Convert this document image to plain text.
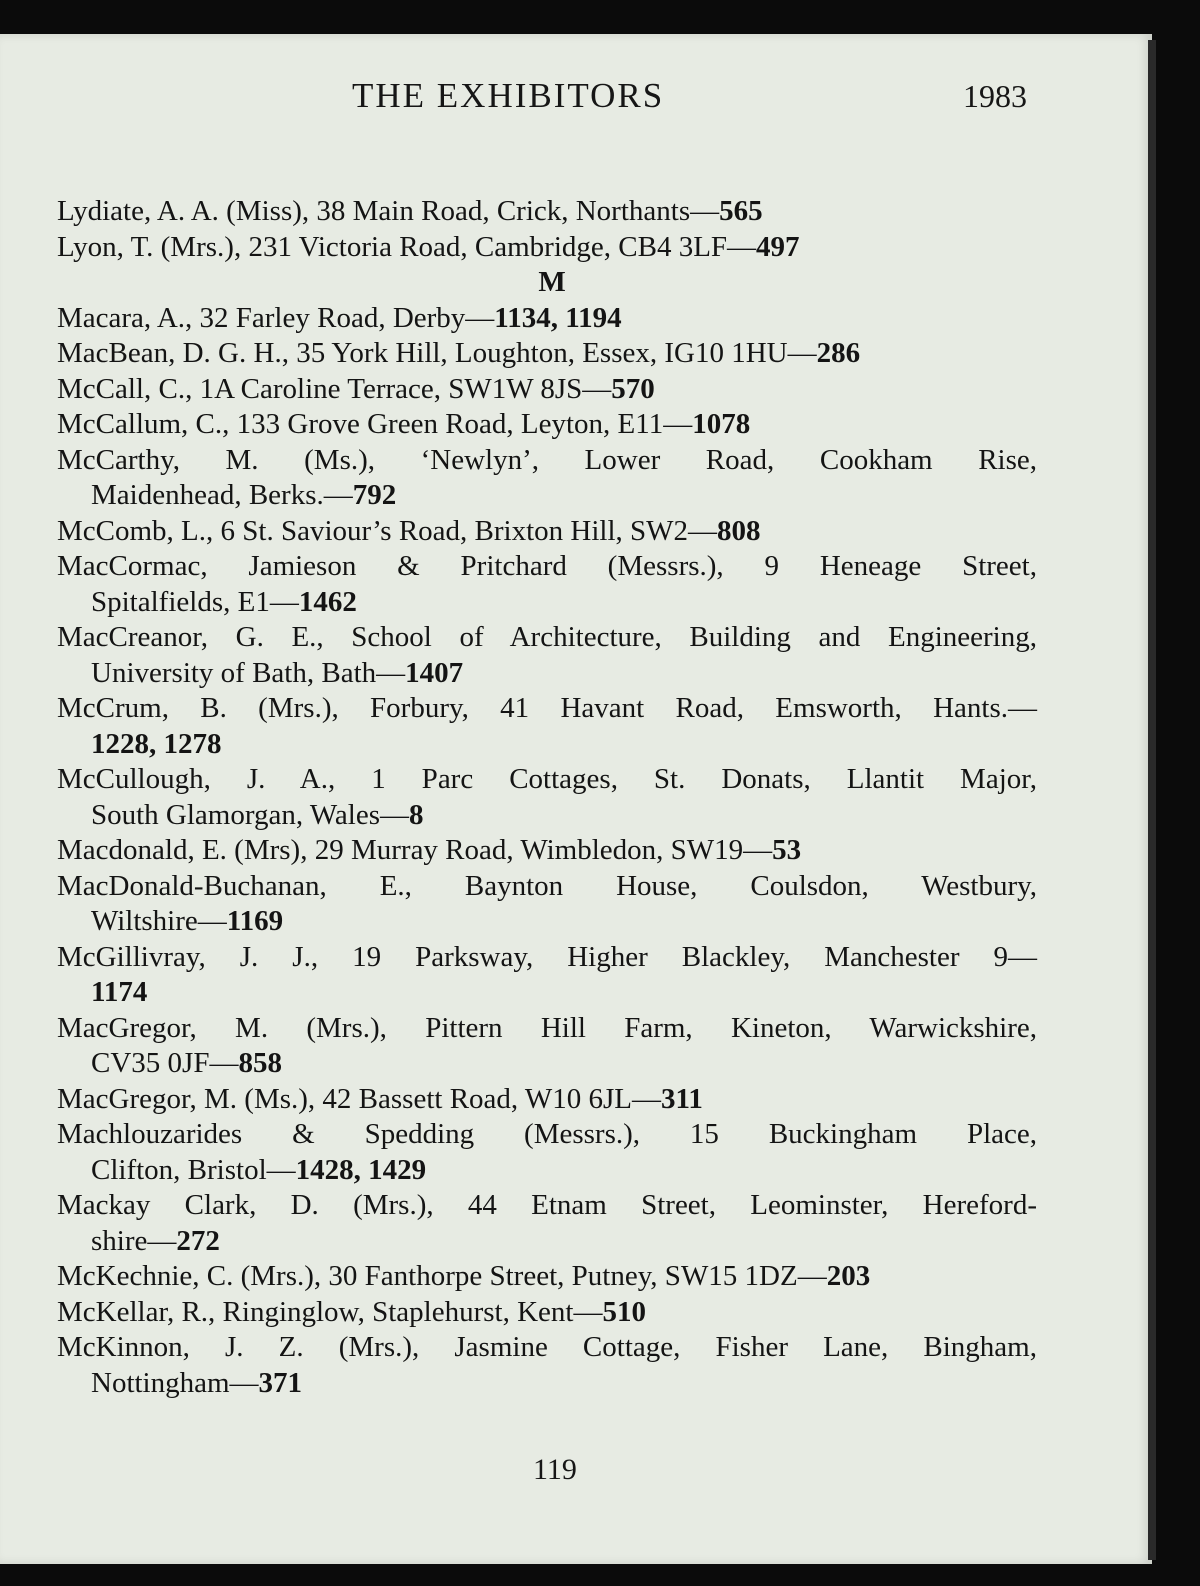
THE EXHIBITORS	1983
Lydiate, A. A. (Miss), 38 Main Road, Crick, Northants—565
Lyon, T. (Mrs.), 231 Victoria Road, Cambridge, CB4 3LF—497
M
Macara, A., 32 Farley Road, Derby—1134, 1194
MacBean, D. G. H., 35 York Hill, Loughton, Essex, IG10 1HU—286
McCall, C., 1A Caroline Terrace, SW1W 8JS—570
McCallum, C., 133 Grove Green Road, Leyton, E11—1078
McCarthy, M. (Ms.), ‘Newlyn’, Lower Road, Cookham Rise,
Maidenhead, Berks.—792
McComb, L., 6 St. Saviour’s Road, Brixton Hill, SW2—808
MacCormac, Jamieson & Pritchard (Messrs.), 9 Heneage Street,
Spitalfields, E1—1462
MacCreanor, G. E., School of Architecture, Building and Engineering,
University of Bath, Bath—1407
McCrum, B. (Mrs.), Forbury, 41 Havant Road, Emsworth, Hants.—
1228, 1278
McCullough, J. A., 1 Parc Cottages, St. Donats, Llantit Major,
South Glamorgan, Wales—8
Macdonald, E. (Mrs), 29 Murray Road, Wimbledon, SW19—53
MacDonald-Buchanan, E., Baynton House, Coulsdon, Westbury,
Wiltshire—1169
McGillivray, J. J., 19 Parksway, Higher Blackley, Manchester 9—
1174
MacGregor, M. (Mrs.), Pittern Hill Farm, Kineton, Warwickshire,
CV35 0JF—858
MacGregor, M. (Ms.), 42 Bassett Road, W10 6JL—311
Machlouzarides & Spedding (Messrs.), 15 Buckingham Place,
Clifton, Bristol—1428, 1429
Mackay Clark, D. (Mrs.), 44 Etnam Street, Leominster, Hereford-
shire—272
McKechnie, C. (Mrs.), 30 Fanthorpe Street, Putney, SW15 1DZ—203
McKellar, R., Ringinglow, Staplehurst, Kent—510
McKinnon, J. Z. (Mrs.), Jasmine Cottage, Fisher Lane, Bingham,
Nottingham—371
119
